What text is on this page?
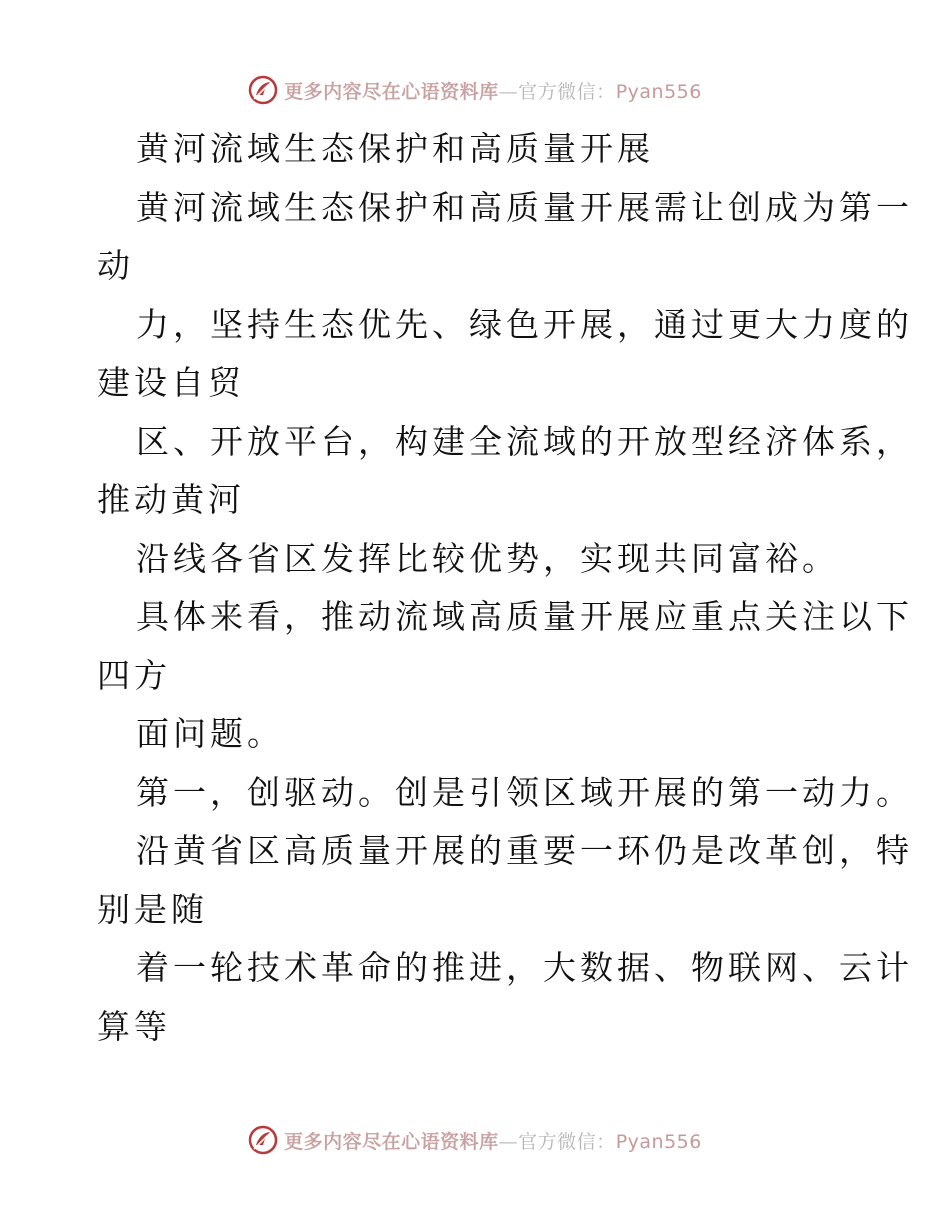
更多内容尽在心语资料库—官方微信：Pyan556

黄河流域生态保护和高质量开展

黄河流域生态保护和高质量开展需让创成为第一

动

力，坚持生态优先、绿色开展，通过更大力度的

建设自贸

区、开放平台，构建全流域的开放型经济体系，

推动黄河

沿线各省区发挥比较优势，实现共同富裕。

具体来看，推动流域高质量开展应重点关注以下

四方

面问题。

第一，创驱动。创是引领区域开展的第一动力。

沿黄省区高质量开展的重要一环仍是改革创，特

别是随

着一轮技术革命的推进，大数据、物联网、云计

算等

更多内容尽在心语资料库—官方微信：Pyan556
